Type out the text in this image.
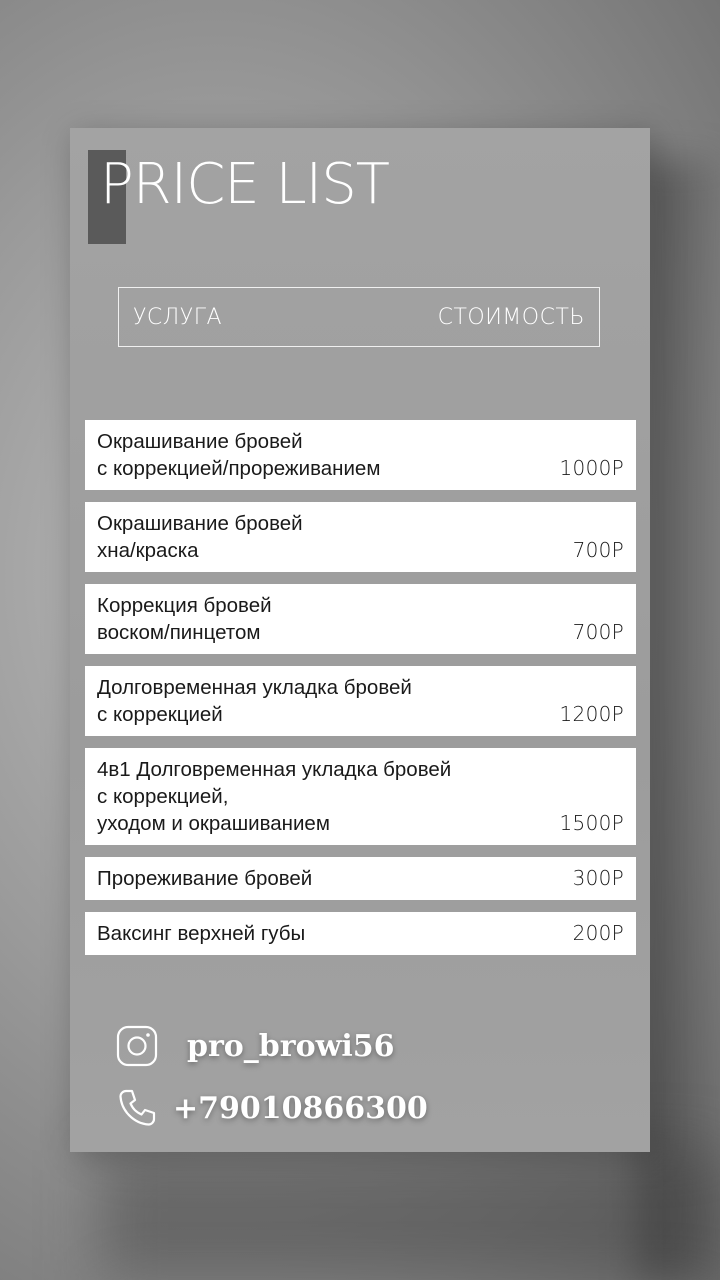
PRICE LIST
УСЛУГА	СТОИМОСТЬ
Окрашивание бровей
с коррекцией/прореживанием	1000Р
Окрашивание бровей
хна/краска	700Р
Коррекция бровей
воском/пинцетом	700Р
Долговременная укладка бровей
с коррекцией	1200Р
4в1 Долговременная укладка бровей
с коррекцией,
уходом и окрашиванием	1500Р
Прореживание бровей	300Р
Ваксинг верхней губы	200Р
pro_browi56
+79010866300
